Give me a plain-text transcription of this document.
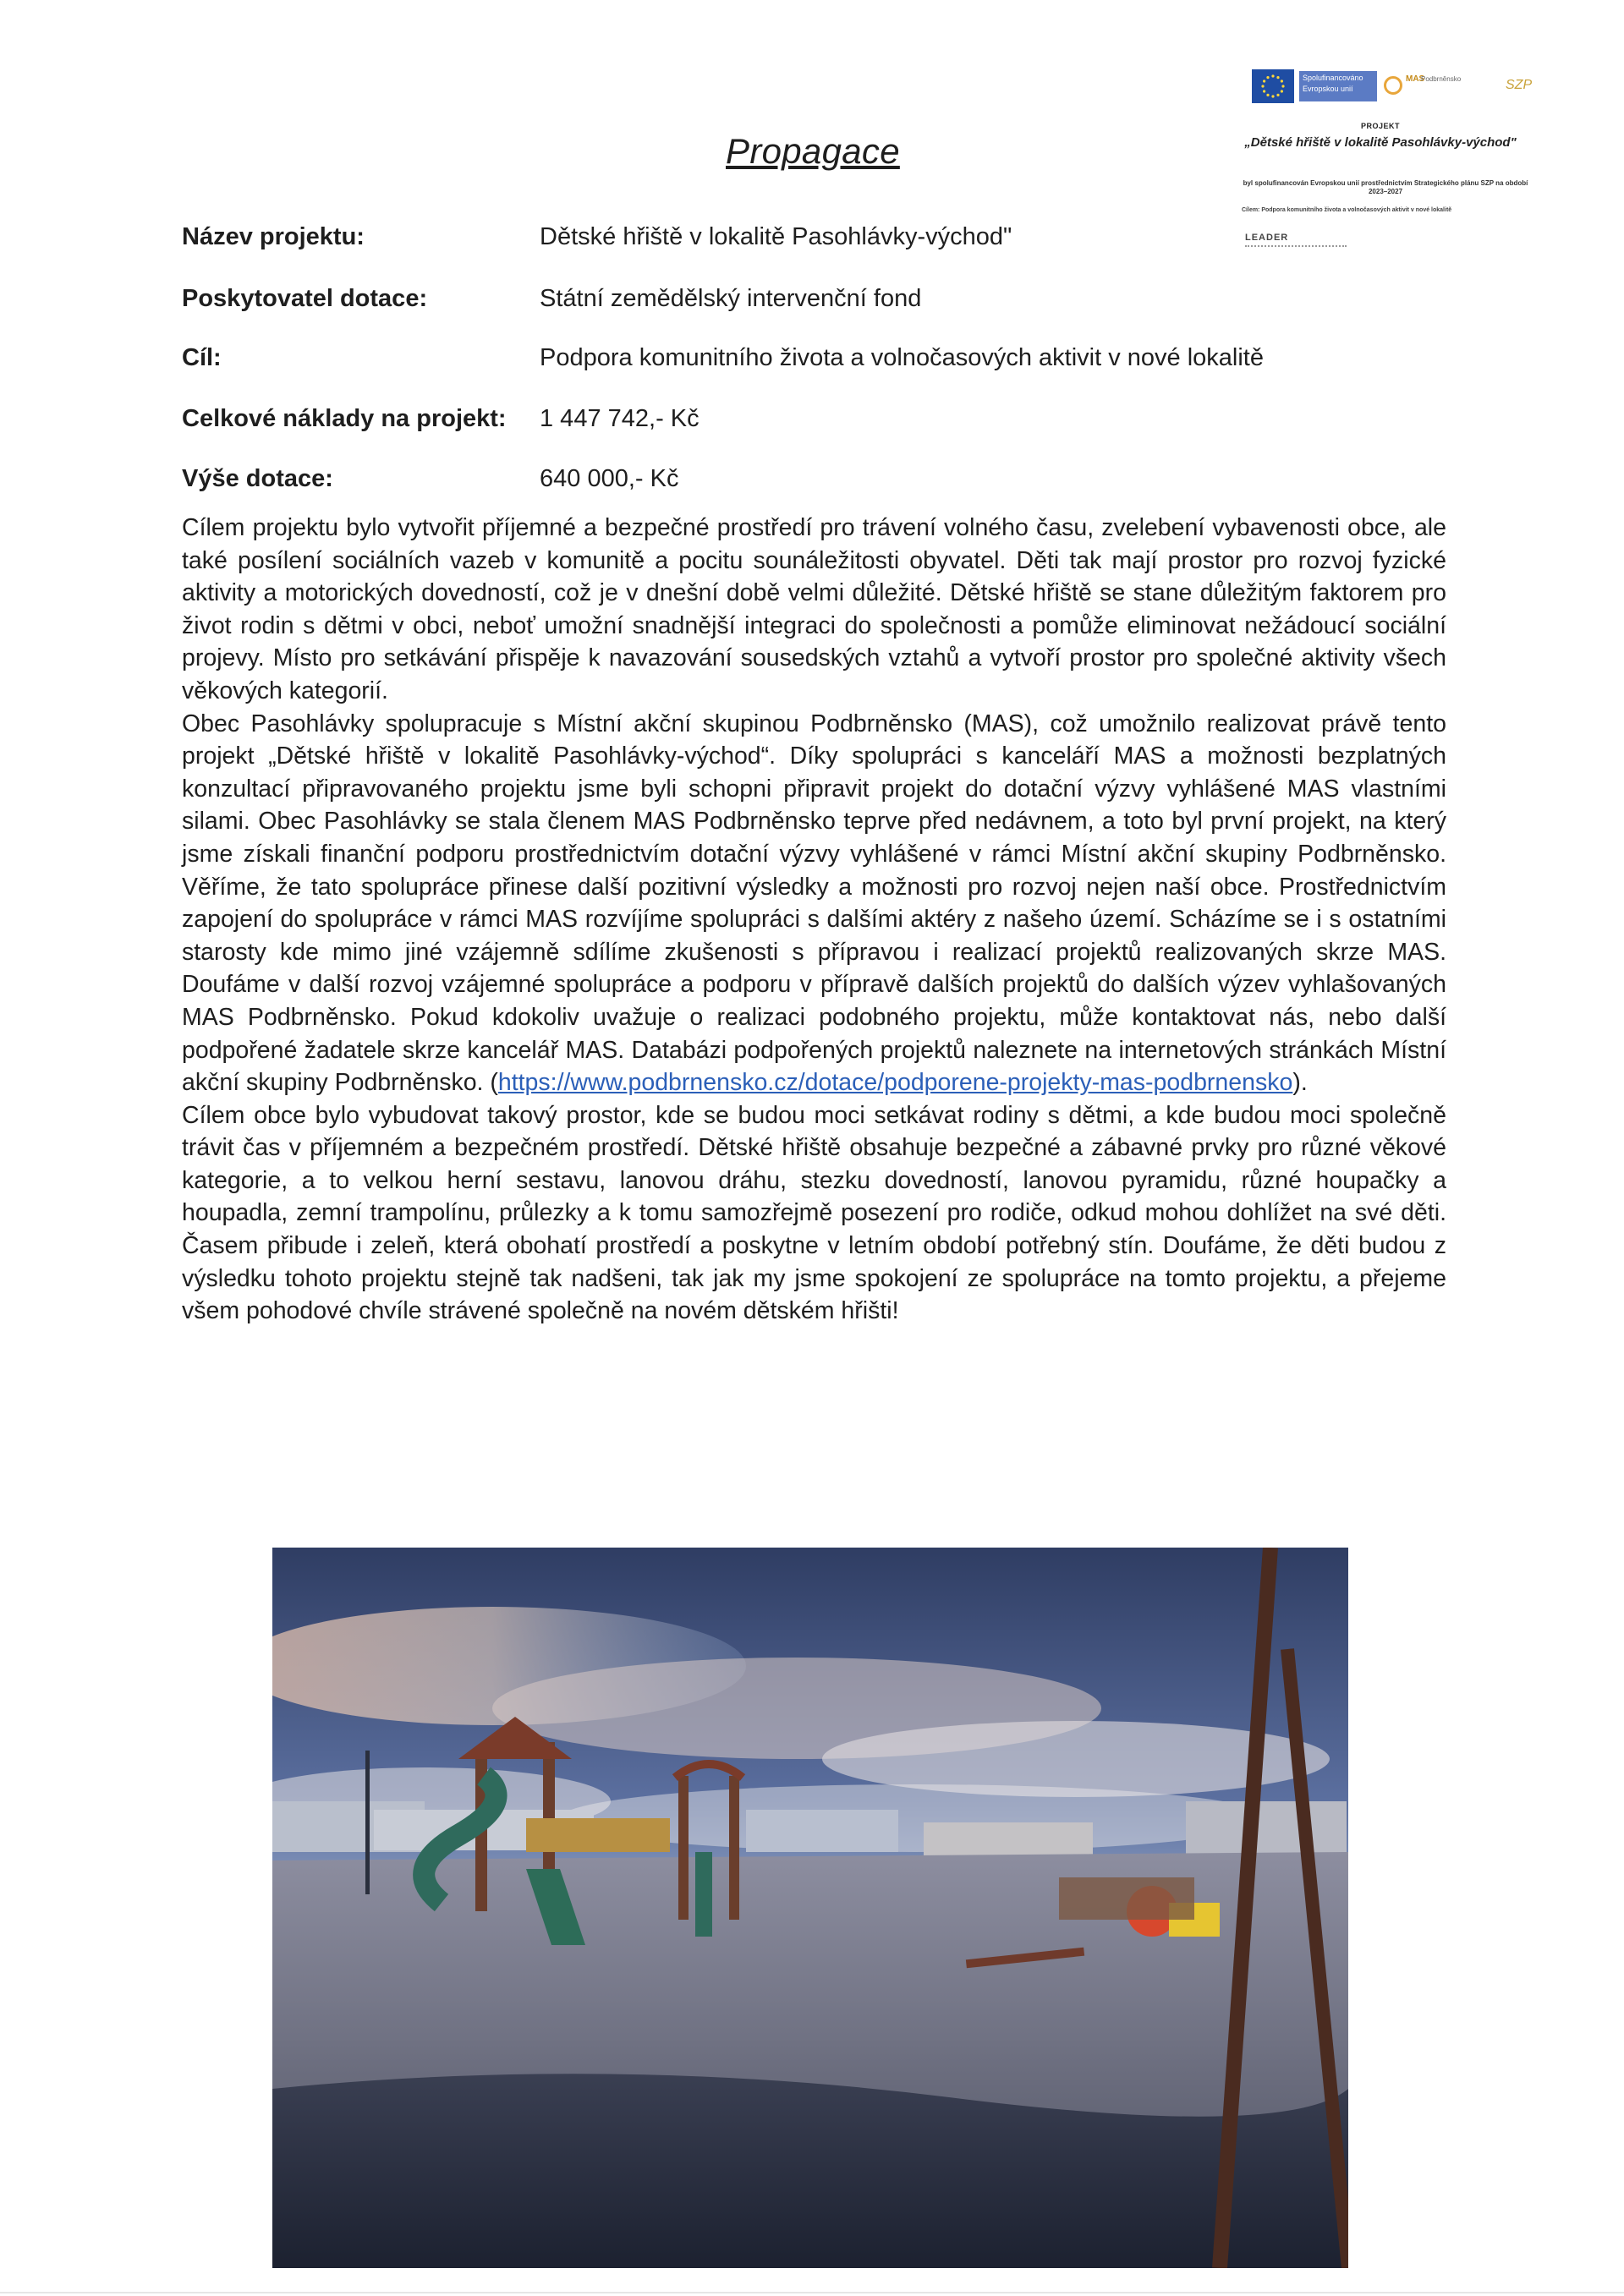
Propagace
Spolufinancováno Evropskou unií
MAS
Podbrněnsko	SZP
PROJEKT
„Dětské hřiště v lokalitě Pasohlávky-východ"
byl spolufinancován Evropskou unií prostřednictvím Strategického plánu SZP na období 2023–2027
Cílem: Podpora komunitního života a volnočasových aktivit v nové lokalitě
LEADER
Název projektu:	Dětské hřiště v lokalitě Pasohlávky-východ"
Poskytovatel dotace:	Státní zemědělský intervenční fond
Cíl:	Podpora komunitního života a volnočasových aktivit v nové lokalitě
Celkové náklady na projekt: 1 447 742,- Kč
Výše dotace:	640 000,- Kč

Cílem projektu bylo vytvořit příjemné a bezpečné prostředí pro trávení volného času, zvelebení vybavenosti obce, ale také posílení sociálních vazeb v komunitě a pocitu sounáležitosti obyvatel. Děti tak mají prostor pro rozvoj fyzické aktivity a motorických dovedností, což je v dnešní době velmi důležité. Dětské hřiště se stane důležitým faktorem pro život rodin s dětmi v obci, neboť umožní snadnější integraci do společnosti a pomůže eliminovat nežádoucí sociální projevy. Místo pro setkávání přispěje k navazování sousedských vztahů a vytvoří prostor pro společné aktivity všech věkových kategorií.

Obec Pasohlávky spolupracuje s Místní akční skupinou Podbrněnsko (MAS), což umožnilo realizovat právě tento projekt „Dětské hřiště v lokalitě Pasohlávky-východ“. Díky spolupráci s kanceláří MAS a možnosti bezplatných konzultací připravovaného projektu jsme byli schopni připravit projekt do dotační výzvy vyhlášené MAS vlastními silami. Obec Pasohlávky se stala členem MAS Podbrněnsko teprve před nedávnem, a toto byl první projekt, na který jsme získali finanční podporu prostřednictvím dotační výzvy vyhlášené v rámci Místní akční skupiny Podbrněnsko. Věříme, že tato spolupráce přinese další pozitivní výsledky a možnosti pro rozvoj nejen naší obce. Prostřednictvím zapojení do spolupráce v rámci MAS rozvíjíme spolupráci s dalšími aktéry z našeho území. Scházíme se i s ostatními starosty kde mimo jiné vzájemně sdílíme zkušenosti s přípravou i realizací projektů realizovaných skrze MAS. Doufáme v další rozvoj vzájemné spolupráce a podporu v přípravě dalších projektů do dalších výzev vyhlašovaných MAS Podbrněnsko. Pokud kdokoliv uvažuje o realizaci podobného projektu, může kontaktovat nás, nebo další podpořené žadatele skrze kancelář MAS. Databázi podpořených projektů naleznete na internetových stránkách Místní akční skupiny Podbrněnsko. (https://www.podbrnensko.cz/dotace/podporene-projekty-mas-podbrnensko).

Cílem obce bylo vybudovat takový prostor, kde se budou moci setkávat rodiny s dětmi, a kde budou moci společně trávit čas v příjemném a bezpečném prostředí. Dětské hřiště obsahuje bezpečné a zábavné prvky pro různé věkové kategorie, a to velkou herní sestavu, lanovou dráhu, stezku dovedností, lanovou pyramidu, různé houpačky a houpadla, zemní trampolínu, průlezky a k tomu samozřejmě posezení pro rodiče, odkud mohou dohlížet na své děti. Časem přibude i zeleň, která obohatí prostředí a poskytne v letním období potřebný stín. Doufáme, že děti budou z výsledku tohoto projektu stejně tak nadšeni, tak jak my jsme spokojení ze spolupráce na tomto projektu, a přejeme všem pohodové chvíle strávené společně na novém dětském hřišti!
